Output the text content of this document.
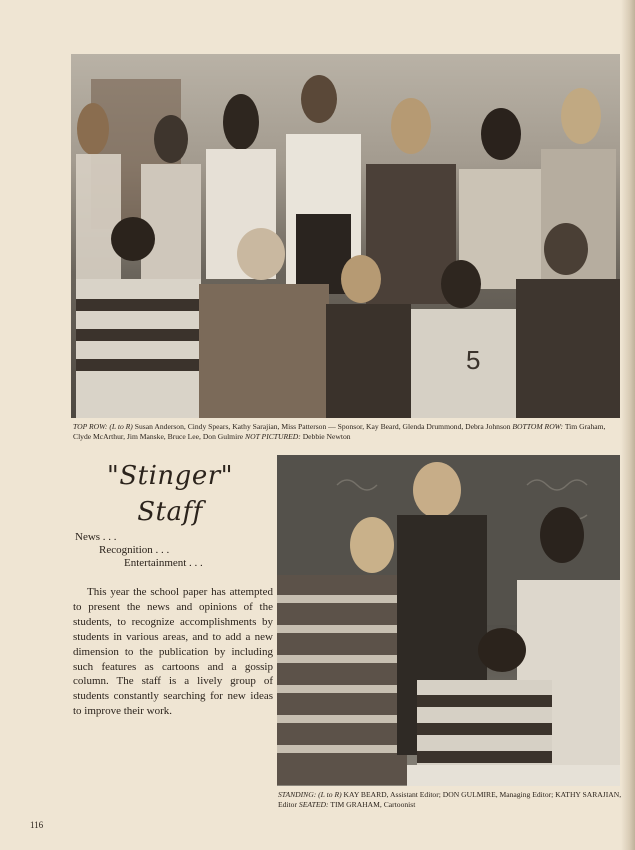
5
TOP ROW: (L to R) Susan Anderson, Cindy Spears, Kathy Sarajian, Miss Patterson — Sponsor, Kay Beard, Glenda Drummond, Debra Johnson BOTTOM ROW: Tim Graham, Clyde McArthur, Jim Manske, Bruce Lee, Don Gulmire NOT PICTURED: Debbie Newton
"Stinger"
Staff
News . . .
Recognition . . .
Entertainment . . .
This year the school paper has attempted to present the news and opinions of the students, to recognize accomplishments by students in various areas, and to add a new dimension to the publication by including such features as cartoons and a gossip column. The staff is a lively group of students constantly searching for new ideas to improve their work.
STANDING: (L to R) KAY BEARD, Assistant Editor; DON GULMIRE, Managing Editor; KATHY SARAJIAN, Editor SEATED: TIM GRAHAM, Cartoonist
116
